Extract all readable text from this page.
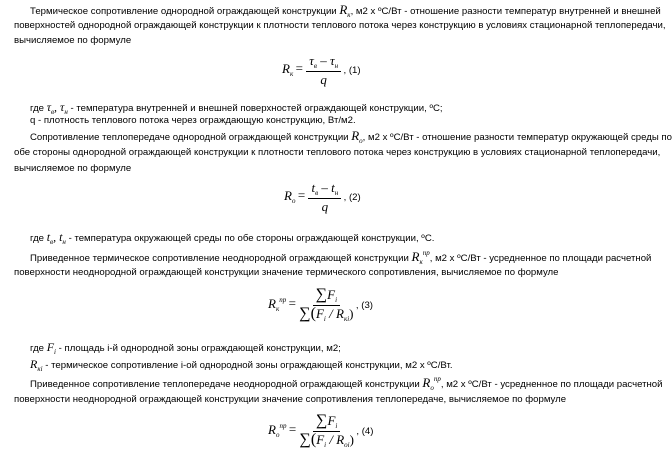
Термическое сопротивление однородной ограждающей конструкции $R_к$, м2 х ºC/Вт - отношение разности температур внутренней и внешней
поверхностей однородной ограждающей конструкции к плотности теплового потока через конструкцию в условиях стационарной теплопередачи,
вычисляемое по формуле
$R_к = \frac{\tau_в - \tau_н}{q}$ , (1)
где $\tau_в$, $\tau_н$ - температура внутренней и внешней поверхностей ограждающей конструкции, ºC;
q - плотность теплового потока через ограждающую конструкцию, Вт/м2.
Сопротивление теплопередаче однородной ограждающей конструкции $R_о$, м2 х ºC/Вт - отношение разности температур окружающей среды по
обе стороны однородной ограждающей конструкции к плотности теплового потока через конструкцию в условиях стационарной теплопередачи,
вычисляемое по формуле
$R_о = \frac{t_в - t_н}{q}$ , (2)
где $t_в$, $t_н$ - температура окружающей среды по обе стороны ограждающей конструкции, ºC.
Приведенное термическое сопротивление неоднородной ограждающей конструкции $R_к^{пр}$, м2 х ºC/Вт - усредненное по площади расчетной
поверхности неоднородной ограждающей конструкции значение термического сопротивления, вычисляемое по формуле
$R_к^{пр} = \frac{\sum F_i}{\sum(F_i / R_{кi})}$ , (3)
где $F_i$ - площадь i-й однородной зоны ограждающей конструкции, м2;
$R_{кi}$ - термическое сопротивление i-ой однородной зоны ограждающей конструкции, м2 х ºC/Вт.
Приведенное сопротивление теплопередаче неоднородной ограждающей конструкции $R_о^{пр}$, м2 х ºC/Вт - усредненное по площади расчетной
поверхности неоднородной ограждающей конструкции значение сопротивления теплопередаче, вычисляемое по формуле
$R_о^{пр} = \frac{\sum F_i}{\sum(F_i / R_{оi})}$ , (4)
